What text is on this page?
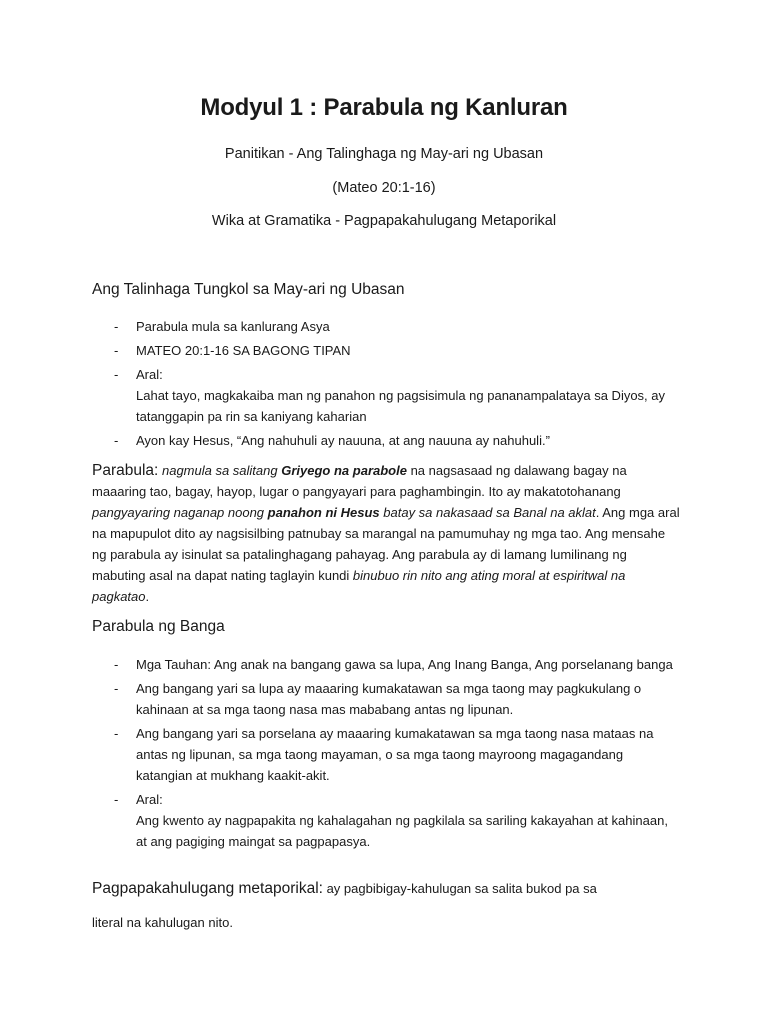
Modyul 1 : Parabula ng Kanluran
Panitikan - Ang Talinghaga ng May-ari ng Ubasan
(Mateo 20:1-16)
Wika at Gramatika - Pagpapakahulugang Metaporikal
Ang Talinhaga Tungkol sa May-ari ng Ubasan
- Parabula mula sa kanlurang Asya
- MATEO 20:1-16 SA BAGONG TIPAN
- Aral:
Lahat tayo, magkakaiba man ng panahon ng pagsisimula ng pananampalataya sa Diyos, ay tatanggapin pa rin sa kaniyang kaharian
- Ayon kay Hesus, “Ang nahuhuli ay nauuna, at ang nauuna ay nahuhuli.”

Parabula: nagmula sa salitang Griyego na parabole na nagsasaad ng dalawang bagay na maaaring tao, bagay, hayop, lugar o pangyayari para paghambingin. Ito ay makatotohanang pangyayaring naganap noong panahon ni Hesus batay sa nakasaad sa Banal na aklat. Ang mga aral na mapupulot dito ay nagsisilbing patnubay sa marangal na pamumuhay ng mga tao. Ang mensahe ng parabula ay isinulat sa patalinghagang pahayag. Ang parabula ay di lamang lumilinang ng mabuting asal na dapat nating taglayin kundi binubuo rin nito ang ating moral at espiritwal na pagkatao.

Parabula ng Banga
- Mga Tauhan: Ang anak na bangang gawa sa lupa, Ang Inang Banga, Ang porselanang banga
- Ang bangang yari sa lupa ay maaaring kumakatawan sa mga taong may pagkukulang o kahinaan at sa mga taong nasa mas mababang antas ng lipunan.
- Ang bangang yari sa porselana ay maaaring kumakatawan sa mga taong nasa mataas na antas ng lipunan, sa mga taong mayaman, o sa mga taong mayroong magagandang katangian at mukhang kaakit-akit.
- Aral:
Ang kwento ay nagpapakita ng kahalagahan ng pagkilala sa sariling kakayahan at kahinaan, at ang pagiging maingat sa pagpapasya.

Pagpapakahulugang metaporikal: ay pagbibigay-kahulugan sa salita bukod pa sa

literal na kahulugan nito.
